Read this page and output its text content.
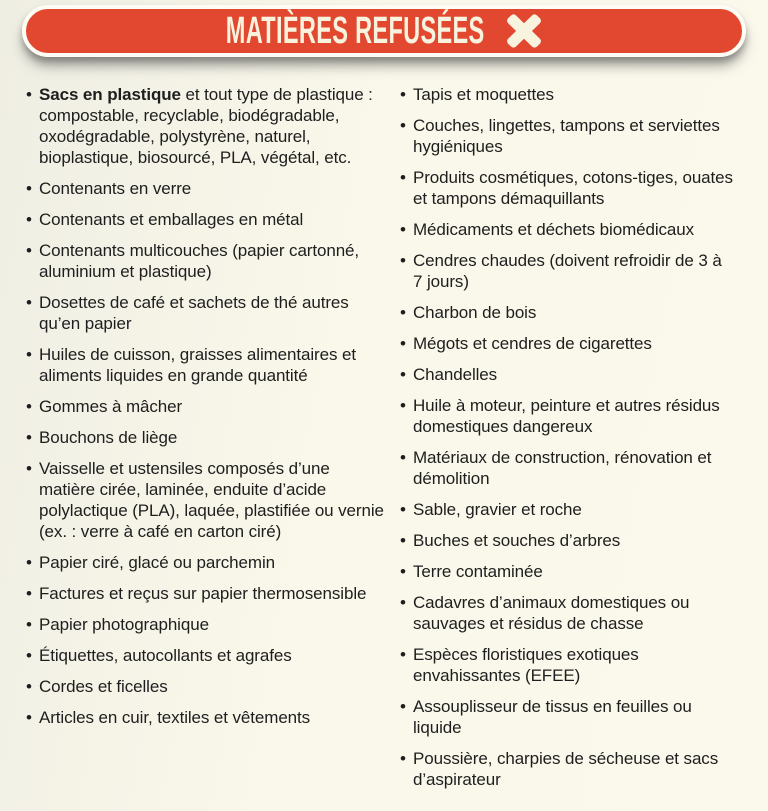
MATIÈRES REFUSÉES
• Sacs en plastique et tout type de plastique : compostable, recyclable, biodégradable, oxodégradable, polystyrène, naturel, bioplastique, biosourcé, PLA, végétal, etc.
• Contenants en verre
• Contenants et emballages en métal
• Contenants multicouches (papier cartonné, aluminium et plastique)
• Dosettes de café et sachets de thé autres qu’en papier
• Huiles de cuisson, graisses alimentaires et aliments liquides en grande quantité
• Gommes à mâcher
• Bouchons de liège
• Vaisselle et ustensiles composés d’une matière cirée, laminée, enduite d’acide polylactique (PLA), laquée, plastifiée ou vernie (ex. : verre à café en carton ciré)
• Papier ciré, glacé ou parchemin
• Factures et reçus sur papier thermosensible
• Papier photographique
• Étiquettes, autocollants et agrafes
• Cordes et ficelles
• Articles en cuir, textiles et vêtements
• Tapis et moquettes
• Couches, lingettes, tampons et serviettes hygiéniques
• Produits cosmétiques, cotons-tiges, ouates et tampons démaquillants
• Médicaments et déchets biomédicaux
• Cendres chaudes (doivent refroidir de 3 à 7 jours)
• Charbon de bois
• Mégots et cendres de cigarettes
• Chandelles
• Huile à moteur, peinture et autres résidus domestiques dangereux
• Matériaux de construction, rénovation et démolition
• Sable, gravier et roche
• Buches et souches d’arbres
• Terre contaminée
• Cadavres d’animaux domestiques ou sauvages et résidus de chasse
• Espèces floristiques exotiques envahissantes (EFEE)
• Assouplisseur de tissus en feuilles ou liquide
• Poussière, charpies de sécheuse et sacs d’aspirateur
